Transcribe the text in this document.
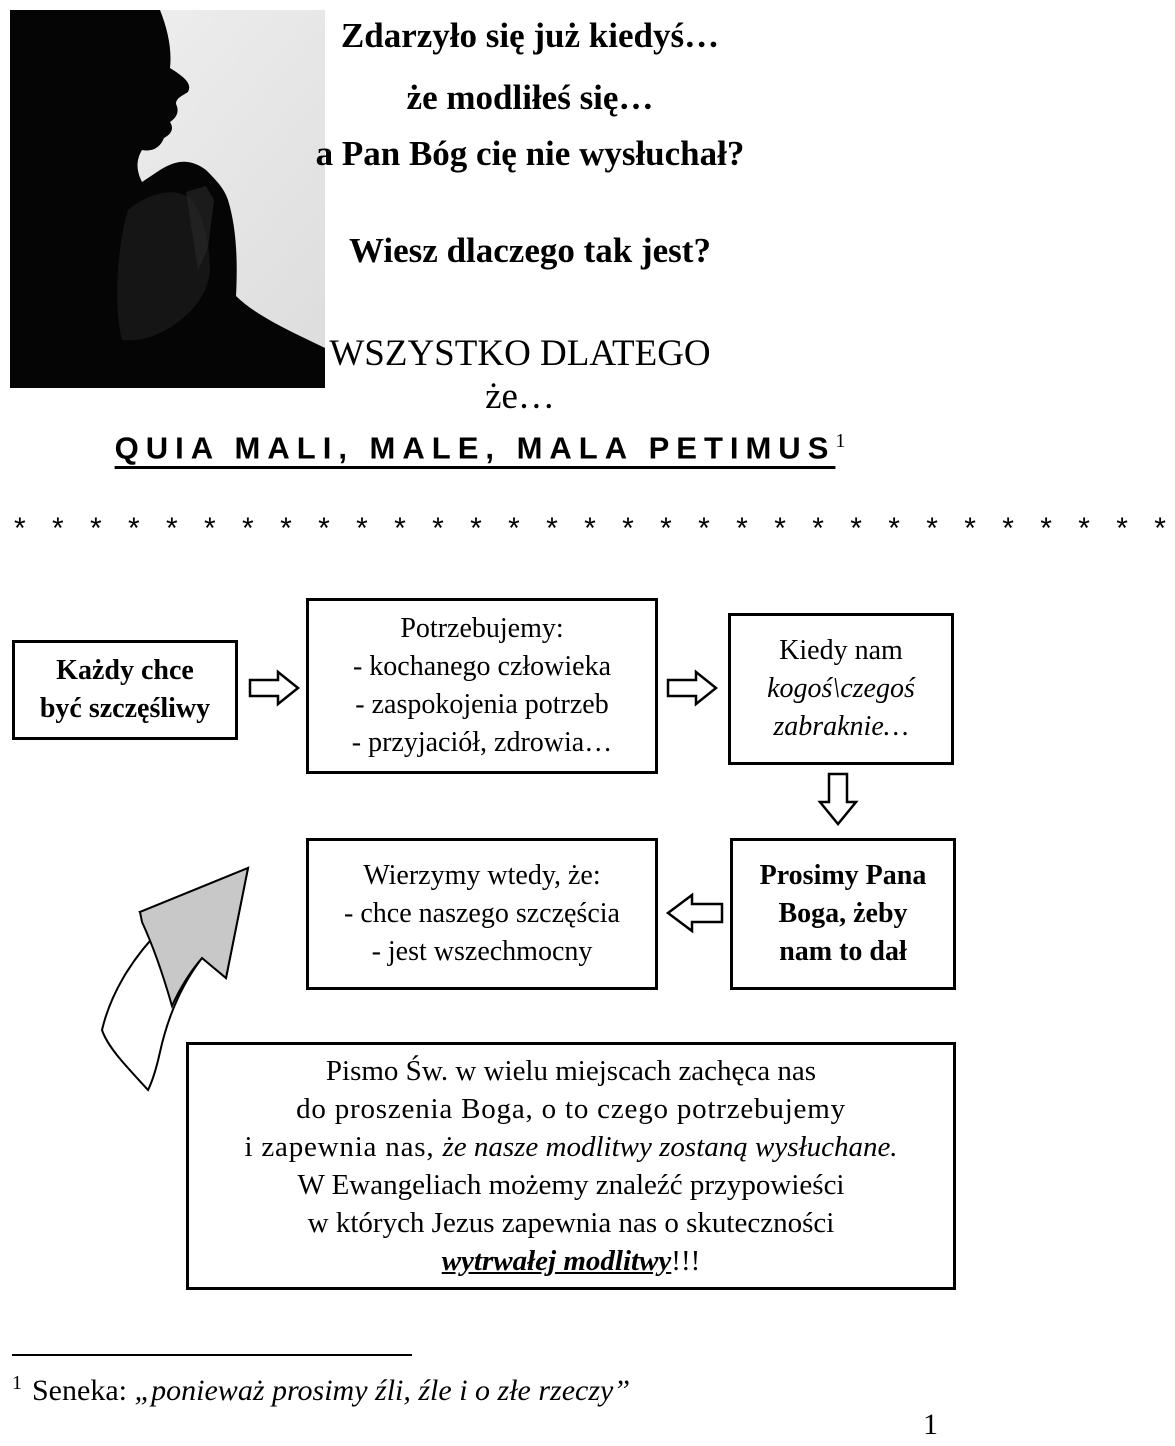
Zdarzyło się już kiedyś…
że modliłeś się…
a Pan Bóg cię nie wysłuchał?
Wiesz dlaczego tak jest?
WSZYSTKO DLATEGO że…
QUIA MALI, MALE, MALA PETIMUS$^1$
* * * * * * * * * * * * * * * * * * * * * * * * * * * * * * *
Każdy chce
być szczęśliwy
Potrzebujemy:
- kochanego człowieka
- zaspokojenia potrzeb
- przyjaciół, zdrowia…
Kiedy nam
kogoś\czegoś
zabraknie…
Prosimy Pana
Boga, żeby
nam to dał
Wierzymy wtedy, że:
- chce naszego szczęścia
- jest wszechmocny
Pismo Św. w wielu miejscach zachęca nas
do proszenia Boga, o to czego potrzebujemy
i zapewnia nas, że nasze modlitwy zostaną wysłuchane.
W Ewangeliach możemy znaleźć przypowieści
w których Jezus zapewnia nas o skuteczności
wytrwałej modlitwy!!!
$^1$ Seneka: „ponieważ prosimy źli, źle i o złe rzeczy”
1
